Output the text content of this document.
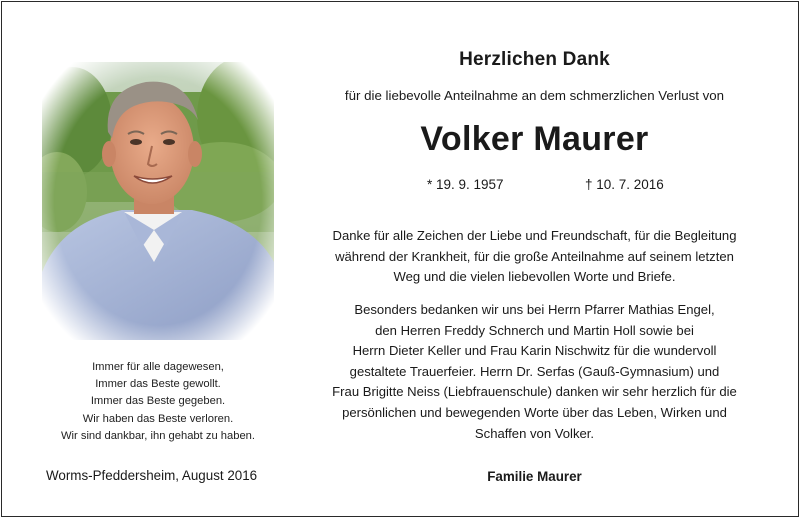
Immer für alle dagewesen,
Immer das Beste gewollt.
Immer das Beste gegeben.
Wir haben das Beste verloren.
Wir sind dankbar, ihn gehabt zu haben.
Worms-Pfeddersheim, August 2016
Herzlichen Dank
für die liebevolle Anteilnahme an dem schmerzlichen Verlust von
Volker Maurer
* 19. 9. 1957	† 10. 7. 2016
Danke für alle Zeichen der Liebe und Freundschaft, für die Begleitung
während der Krankheit, für die große Anteilnahme auf seinem letzten
Weg und die vielen liebevollen Worte und Briefe.
Besonders bedanken wir uns bei Herrn Pfarrer Mathias Engel,
den Herren Freddy Schnerch und Martin Holl sowie bei
Herrn Dieter Keller und Frau Karin Nischwitz für die wundervoll
gestaltete Trauerfeier. Herrn Dr. Serfas (Gauß-Gymnasium) und
Frau Brigitte Neiss (Liebfrauenschule) danken wir sehr herzlich für die
persönlichen und bewegenden Worte über das Leben, Wirken und
Schaffen von Volker.
Familie Maurer
